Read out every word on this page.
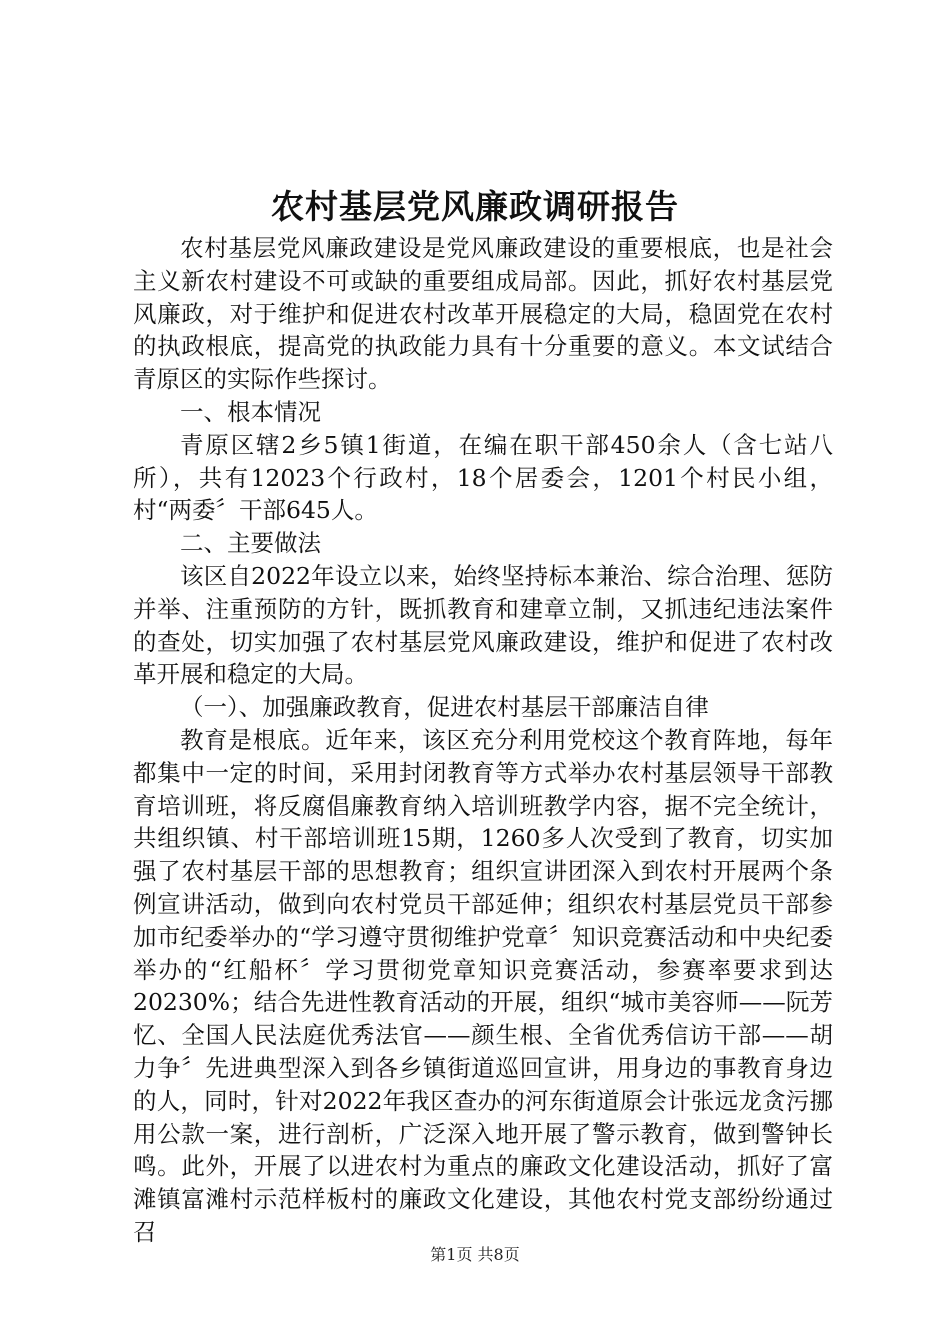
农村基层党风廉政调研报告

农村基层党风廉政建设是党风廉政建设的重要根底，也是社会主义新农村建设不可或缺的重要组成局部。因此，抓好农村基层党风廉政，对于维护和促进农村改革开展稳定的大局，稳固党在农村的执政根底，提高党的执政能力具有十分重要的意义。本文试结合青原区的实际作些探讨。

一、根本情况

青原区辖2乡5镇1街道，在编在职干部450余人（含七站八所），共有12023个行政村，18个居委会，1201个村民小组，村“两委〞干部645人。

二、主要做法

该区自2022年设立以来，始终坚持标本兼治、综合治理、惩防并举、注重预防的方针，既抓教育和建章立制，又抓违纪违法案件的查处，切实加强了农村基层党风廉政建设，维护和促进了农村改革开展和稳定的大局。

（一）、加强廉政教育，促进农村基层干部廉洁自律

教育是根底。近年来，该区充分利用党校这个教育阵地，每年都集中一定的时间，采用封闭教育等方式举办农村基层领导干部教育培训班，将反腐倡廉教育纳入培训班教学内容，据不完全统计，共组织镇、村干部培训班15期，1260多人次受到了教育，切实加强了农村基层干部的思想教育；组织宣讲团深入到农村开展两个条例宣讲活动，做到向农村党员干部延伸；组织农村基层党员干部参加市纪委举办的“学习遵守贯彻维护党章〞知识竞赛活动和中央纪委举办的“红船杯〞学习贯彻党章知识竞赛活动，参赛率要求到达20230%；结合先进性教育活动的开展，组织“城市美容师——阮芳忆、全国人民法庭优秀法官——颜生根、全省优秀信访干部——胡力争〞先进典型深入到各乡镇街道巡回宣讲，用身边的事教育身边的人，同时，针对2022年我区查办的河东街道原会计张远龙贪污挪用公款一案，进行剖析，广泛深入地开展了警示教育，做到警钟长鸣。此外，开展了以进农村为重点的廉政文化建设活动，抓好了富滩镇富滩村示范样板村的廉政文化建设，其他农村党支部纷纷通过召

第1页 共8页
